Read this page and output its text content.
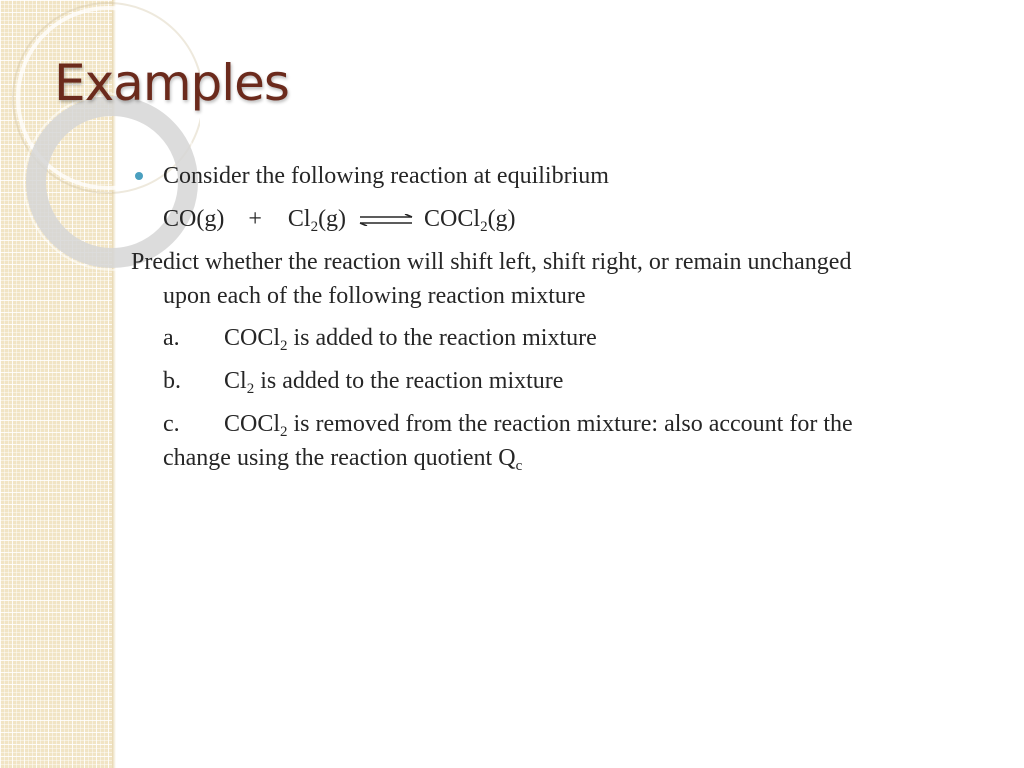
Examples
Consider the following reaction at equilibrium
$CO(g) + Cl_2(g)$ ⇌ COCl$_2$(g)
Predict whether the reaction will shift left, shift right, or remain unchanged
upon each of the following reaction mixture
a. COCl$_2$ is added to the reaction mixture
b. $Cl_2$ is added to the reaction mixture
c. COCl$_2$ is removed from the reaction mixture: also account for the
change using the reaction quotient $Q_c$
